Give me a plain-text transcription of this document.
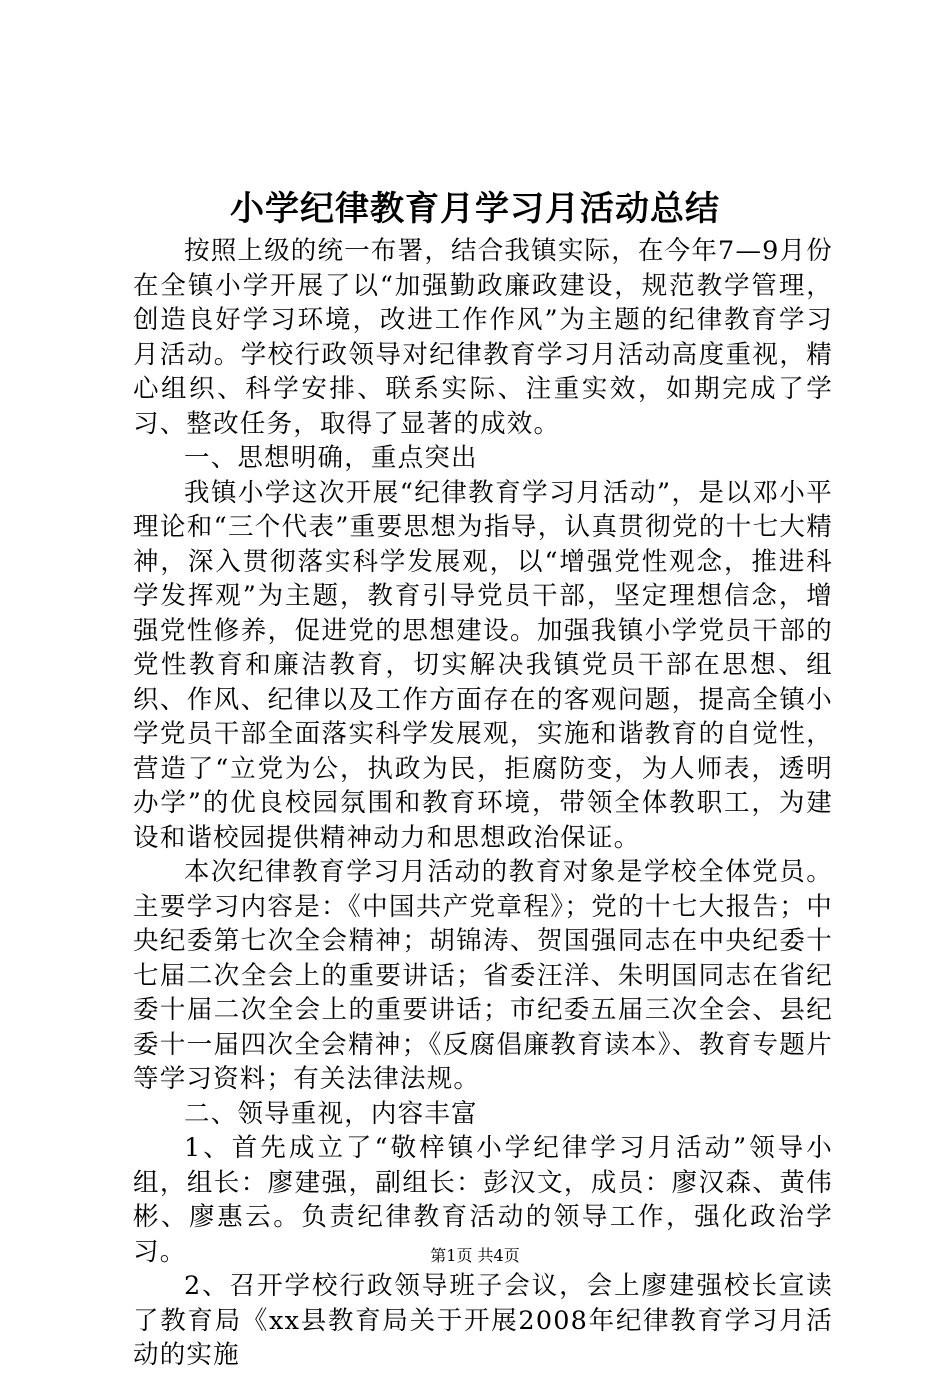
小学纪律教育月学习月活动总结

按照上级的统一布署，结合我镇实际，在今年7—9月份在全镇小学开展了以“加强勤政廉政建设，规范教学管理，创造良好学习环境，改进工作作风”为主题的纪律教育学习月活动。学校行政领导对纪律教育学习月活动高度重视，精心组织、科学安排、联系实际、注重实效，如期完成了学习、整改任务，取得了显著的成效。

一、思想明确，重点突出

我镇小学这次开展“纪律教育学习月活动”，是以邓小平理论和“三个代表”重要思想为指导，认真贯彻党的十七大精神，深入贯彻落实科学发展观，以“增强党性观念，推进科学发挥观”为主题，教育引导党员干部，坚定理想信念，增强党性修养，促进党的思想建设。加强我镇小学党员干部的党性教育和廉洁教育，切实解决我镇党员干部在思想、组织、作风、纪律以及工作方面存在的客观问题，提高全镇小学党员干部全面落实科学发展观，实施和谐教育的自觉性，营造了“立党为公，执政为民，拒腐防变，为人师表，透明办学”的优良校园氛围和教育环境，带领全体教职工，为建设和谐校园提供精神动力和思想政治保证。

本次纪律教育学习月活动的教育对象是学校全体党员。主要学习内容是：《中国共产党章程》；党的十七大报告；中央纪委第七次全会精神；胡锦涛、贺国强同志在中央纪委十七届二次全会上的重要讲话；省委汪洋、朱明国同志在省纪委十届二次全会上的重要讲话；市纪委五届三次全会、县纪委十一届四次全会精神；《反腐倡廉教育读本》、教育专题片等学习资料；有关法律法规。

二、领导重视，内容丰富

1、首先成立了“敬梓镇小学纪律学习月活动”领导小组，组长：廖建强，副组长：彭汉文，成员：廖汉森、黄伟彬、廖惠云。负责纪律教育活动的领导工作，强化政治学习。

2、召开学校行政领导班子会议，会上廖建强校长宣读了教育局《xx县教育局关于开展2008年纪律教育学习月活动的实施

第1页 共4页
